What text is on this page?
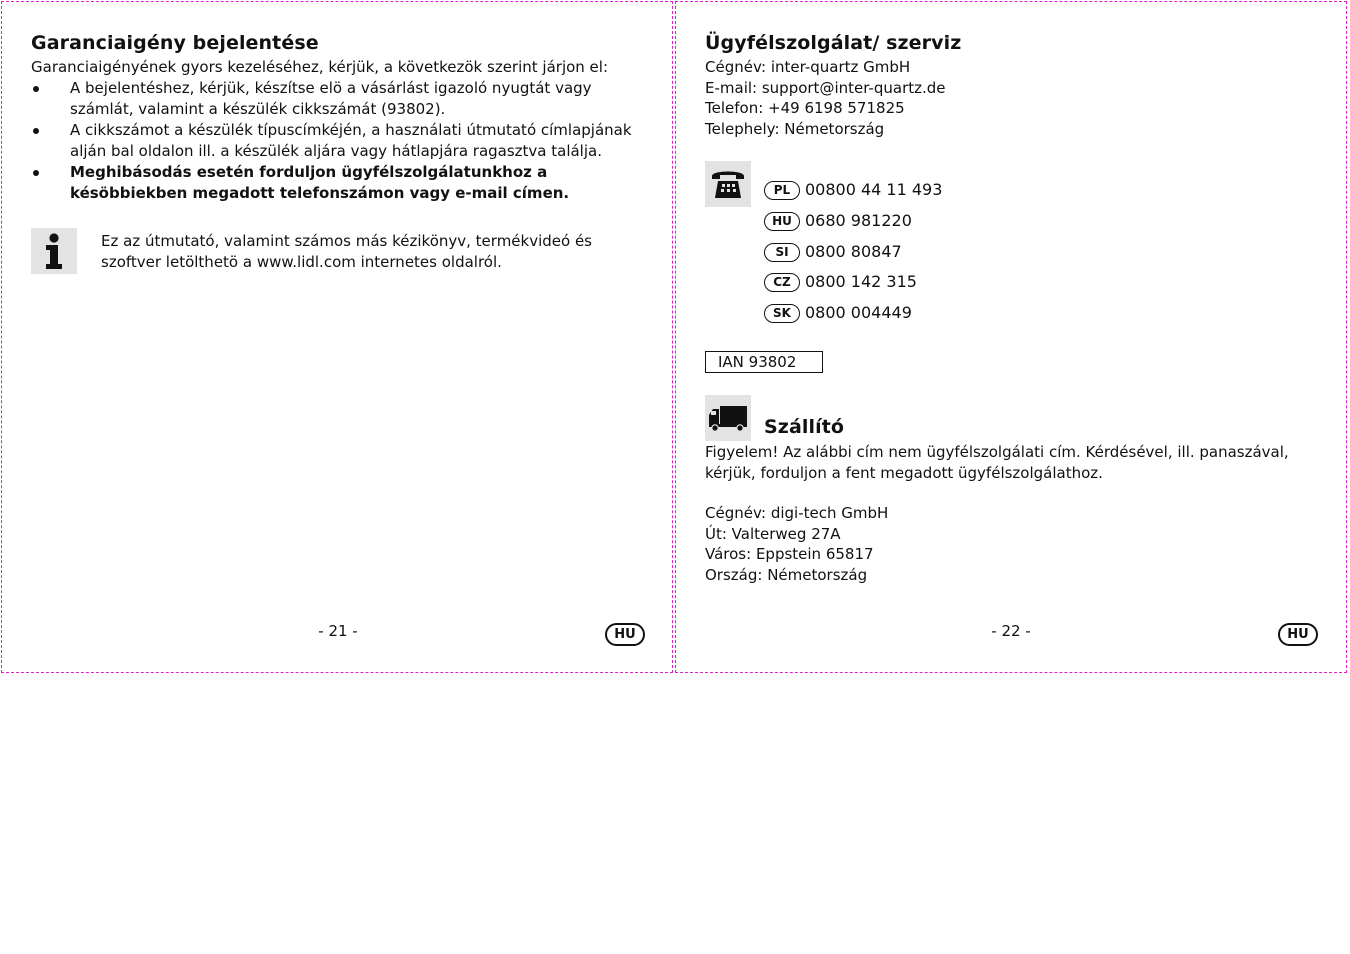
Garanciaigény bejelentése

Garanciaigényének gyors kezeléséhez, kérjük, a következök szerint járjon el:

A bejelentéshez, kérjük, készítse elö a vásárlást igazoló nyugtát vagy számlát, valamint a készülék cikkszámát (93802).
A cikkszámot a készülék típuscímkéjén, a használati útmutató címlapjának alján bal oldalon ill. a készülék aljára vagy hátlapjára ragasztva találja.
Meghibásodás esetén forduljon ügyfélszolgálatunkhoz a késöbbiekben megadott telefonszámon vagy e-mail címen.

Ez az útmutató, valamint számos más kézikönyv, termékvideó és szoftver letölthetö a www.lidl.com internetes oldalról.

- 21 -	HU
Ügyfélszolgálat/ szerviz

Cégnév: inter-quartz GmbH

E-mail: support@inter-quartz.de

Telefon: +49 6198 571825

Telephely: Németország

PL 00800 44 11 493
HU 0680 981220
SI 0800 80847
CZ 0800 142 315
SK 0800 004449
IAN 93802
Szállító

Figyelem! Az alábbi cím nem ügyfélszolgálati cím. Kérdésével, ill. panaszával, kérjük, forduljon a fent megadott ügyfélszolgálathoz.

Cégnév: digi-tech GmbH

Út: Valterweg 27A

Város: Eppstein 65817

Ország: Németország

- 22 -	HU
